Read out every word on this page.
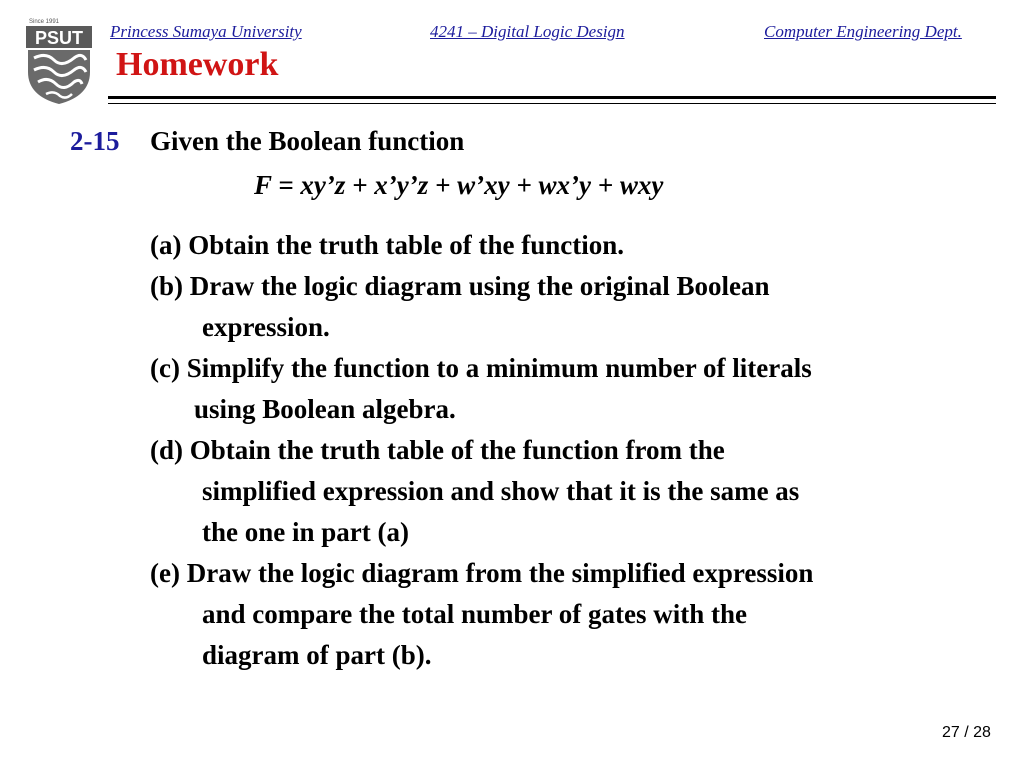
Since 1991
PSUT Princess Sumaya University	4241 – Digital Logic Design	Computer Engineering Dept.
Homework
2-15 Given the Boolean function
F = xy’z + x’y’z + w’xy + wx’y + wxy
(a) Obtain the truth table of the function.
(b) Draw the logic diagram using the original Boolean
expression.
(c) Simplify the function to a minimum number of literals
using Boolean algebra.
(d) Obtain the truth table of the function from the
simplified expression and show that it is the same as
the one in part (a)
(e) Draw the logic diagram from the simplified expression
and compare the total number of gates with the
diagram of part (b).
27 / 28
